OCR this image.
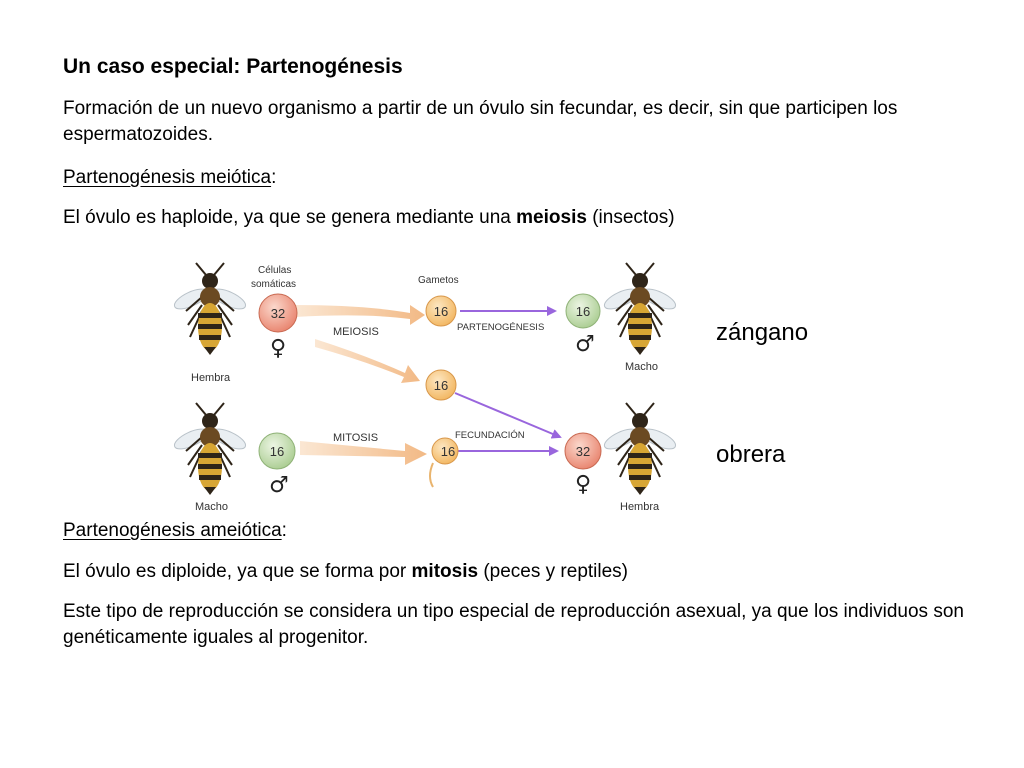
Un caso especial: Partenogénesis

Formación de un nuevo organismo a partir de un óvulo sin fecundar, es decir, sin que participen los espermatozoides.

Partenogénesis meiótica:

El óvulo es haploide, ya que se genera mediante una meiosis (insectos)

Hembra
Macho
Macho	Hembra
Células
somáticas	Gametos
MEIOSIS
MITOSIS
PARTENOGÉNESIS
FECUNDACIÓN
32
♀
16	16
♂
16
16
♂
16	32
♀
zángano
obrera

Partenogénesis ameiótica:

El óvulo es diploide, ya que se forma por mitosis (peces y reptiles)

Este tipo de reproducción se considera un tipo especial de reproducción asexual, ya que los individuos son genéticamente iguales al progenitor.
